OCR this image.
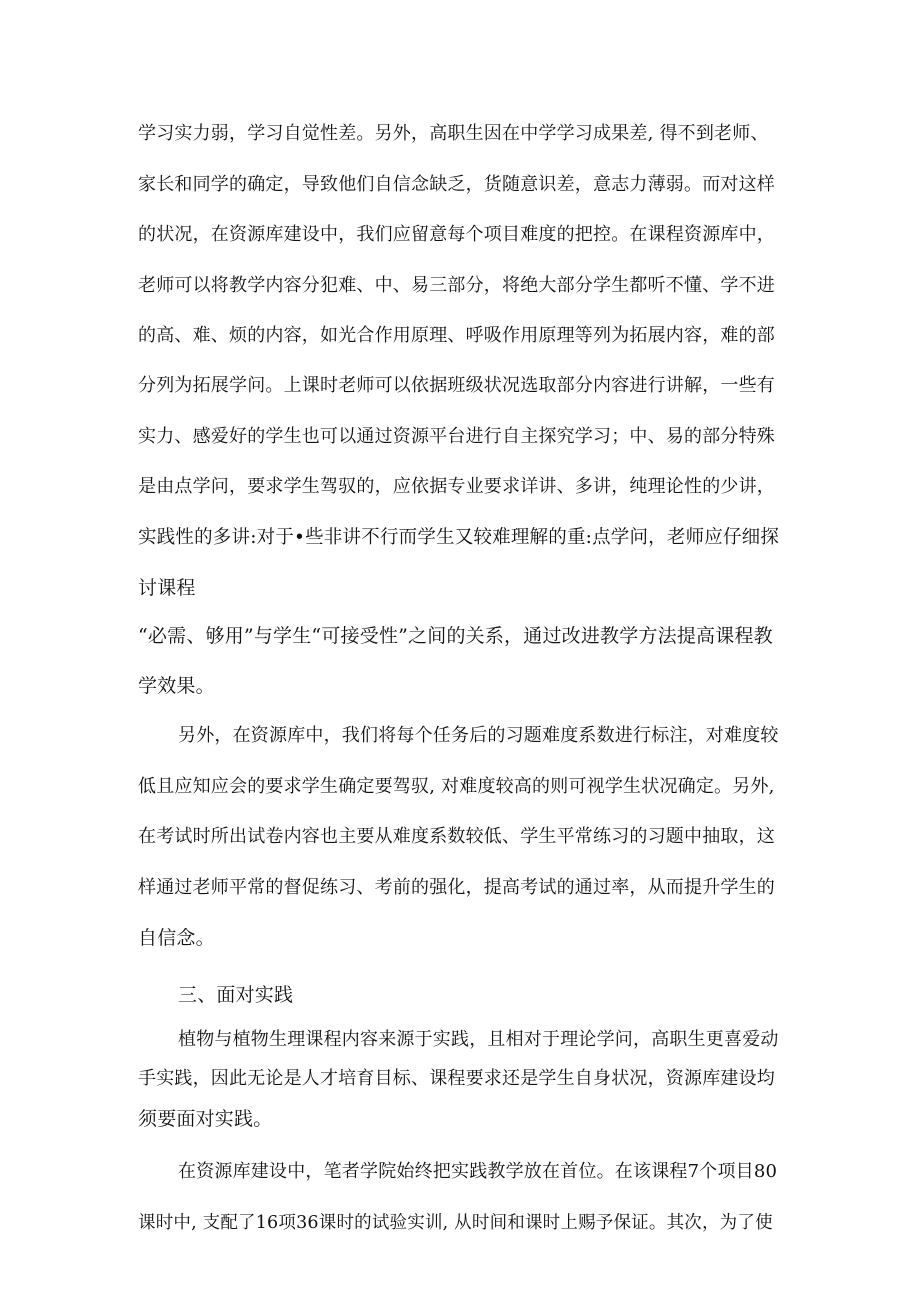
学习实力弱，学习自觉性差。另外，高职生因在中学学习成果差, 得不到老师、
家长和同学的确定，导致他们自信念缺乏，货随意识差，意志力薄弱。而对这样
的状况，在资源库建设中，我们应留意每个项目难度的把控。在课程资源库中，
老师可以将教学内容分犯难、中、易三部分，将绝大部分学生都听不懂、学不进
的高、难、烦的内容，如光合作用原理、呼吸作用原理等列为拓展内容，难的部
分列为拓展学问。上课时老师可以依据班级状况选取部分内容进行讲解，一些有
实力、感爱好的学生也可以通过资源平台进行自主探究学习；中、易的部分特殊
是由点学问，要求学生驾驭的，应依据专业要求详讲、多讲，纯理论性的少讲，
实践性的多讲:对于•些非讲不行而学生又较难理解的重:点学问，老师应仔细探
讨课程
“必需、够用”与学生“可接受性”之间的关系，通过改进教学方法提高课程教
学效果。
另外，在资源库中，我们将每个任务后的习题难度系数进行标注，对难度较
低且应知应会的要求学生确定要驾驭, 对难度较高的则可视学生状况确定。另外,
在考试时所出试卷内容也主要从难度系数较低、学生平常练习的习题中抽取，这
样通过老师平常的督促练习、考前的强化，提高考试的通过率，从而提升学生的
自信念。
三、面对实践
植物与植物生理课程内容来源于实践，且相对于理论学问，高职生更喜爱动
手实践，因此无论是人才培育目标、课程要求还是学生自身状况，资源库建设均
须要面对实践。
在资源库建设中，笔者学院始终把实践教学放在首位。在该课程7个项目80
课时中, 支配了16项36课时的试验实训, 从时间和课时上赐予保证。其次，为了使
